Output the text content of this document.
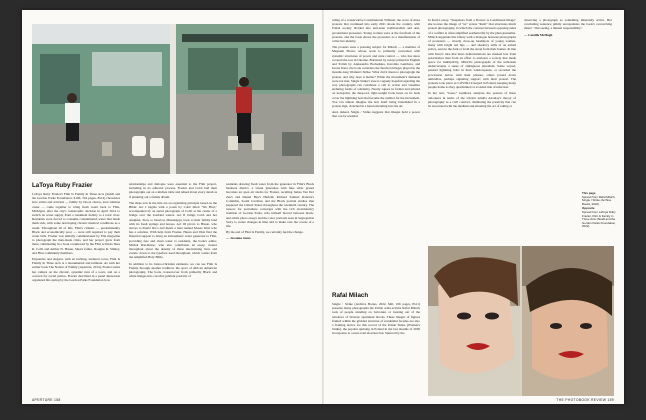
LaToya Ruby Frazier

LaToya Ruby Frazier's Flint Is Family in Three Acts (Steidl and the Gordon Parks Foundation, $100, 324 pages, 8x14) chronicles how artists and activists — family by blood, choice, and common cause — came together to bring fresh water back to Flint, Michigan, after the city's catastrophic decision in April 2014 to switch its water supply from a treatment facility to a toxic river. Residents were forced to consume contaminated water that made them sick, with some developing chronic medical conditions as a result. Throughout all of this, Flint's citizens — predominantly Black and economically poor — were still required to pay their water bills. Frazier was initially commissioned by Elle magazine to photograph the man-made crisis, and her project grew from there, culminating in a book coauthored by the Flint activists Shea R. Cobb and Amber N. Hasan, Shea's father, Douglas R. Smiley, and Flint community members.

Expansive and elegant, with an inviting, textured cover, Flint Is Family in Three Acts is a monumental and intimate. As with her earlier book The Notion of Family (Aperture, 2014), Frazier trains her camera on the chronic, systemic ruin of a town, and on a concern for social justice. Frazier described in a panel discussion organized this spring by the Gordon Parks Foundation how

relationships and dialogue were essential to the Flint project, including in its editorial process. Frazier and Cobb laid their photographs out on a kitchen table and talked about every detail as if planning out a family album.

The three acts in the title are an organizing principle based on the Bible: Act I begins with a poem by Cobb titled "We Flint," accompanied by an aerial photograph of Cobb at the center of a bridge over the troubled waters. Act II brings Cobb and her daughter, Zion, to Newton, Mississippi, back to their family land with its fresh springs and horses. Act III pivots to Hasan, who moves to Puerto Rico and meets a man named Moses West who has a solution. With help from Frazier, Hasan and West find the financial support to bring an atmospheric water generator to Flint, providing free and clean water to residents, the book's editor, Michal Raz-Russo, who also contributes an essay, creates throughout about the density of these intertwining lives and events, down to the typeface used throughout, which comes from the Amplified Holy Bible.

In addition to its Judeo-Christian elements, we can see Flint Is Family through another tradition: the sport of African American photography. The book crossed-over from primarily Black and white images into colorful, jubilant portraits of

residents drawing fresh water from the generator in Flint's Black business district, a visual guarantee with fake rebar grated becomes an open air studio for Frazier, recalling James Van Der Zee's and Daniel Bey's Harlem; Richard Samuel Roberts's Columbia, South Carolina; and the Black portrait studios that peppered the United States throughout the twentieth century. The reason: for portraiture converges with the rich documentary tradition of Gordon Parks, who himself moved between black-and-white photo essays and the color portraits seen in Segregation Story to create changes in time and to make over the course of a life.

By the end of Flint Is Family, we certainly feel the change.

— Jovanna Jones

APERTURE 158

ruling of a conservative Constitutional Tribunal, the wave of mass protests that continued into early 2021 shook the country, with Polish society divided into anti-state traditionalists and anti-government protesters. Young women were at the forefront of the protests, and the book shows the protesters as a manifestation of collective identity.

The protests were a pressing subject for Milach — a member of Magnum Photos whose work is primarily concerned with systemic structures of power and state control — who has since covered the war in Ukraine. Bolstered by essays printed in English and Polish by Aleksandra Bocheńska, Karolina Gembara, and Iwona Kurz, the book considers the function images played in the months-long Women's Strike. What did it mean to photograph the protest, and why does it matter? While the movement's demands were not met, Single Strike's tone is vaguely hopeful regarding the way photographs can constitute a call to action and visualize enduring forms of solidarity. Nearly square in format and printed on newsprint, the deep-red, light-weight book bears on its back cover the lightning bolt that became the symbol for the movement. You can almost imagine the bolt itself being brandished in a protest sign, clenched in a hand extending into the air.

And, indeed, Single / Strike suggests that images hold a power that can be wielded.

In Kurz's essay, "Snapshots from a Protest: A Conditional Image" she locates the image of "us" versus "them" that structures much protest photography, in which the contrast between opposing sides of a conflict is often amplified aesthetically by the photojournalist. Milach supplants this binary with a dialogue between photographs of protesters — mostly close-up headshots of young women, many with bright red lips — and shadowy stills of an armed police, seen in the dark or from the street from their homes. In line with Kurz's idea that mass demonstrations are marked less from polarization than from an effort to envision a society that made space for multiplicity, Milach's photographs of the unbroken undercurrents a sense of ambiguous pluralism. Some waved, painted lightning bolts in their windowpanes, or recorded the procession below with their phones; others posted down umbrellas, perhaps signaling support with their protest. The protests took place as COVID-19 surged in Poland, keeping many people home as they quarantined or avoided risk of infection.

In her text, "Gaze," Gembara analyzes the posture of these onlookers in terms of the scholar Ariella Azoulay's theory of photography as a civil contract, dismissing the passivity that can be associated with the medium and situating the act of taking or

observing a photograph as something inherently active. Her concluding sentence pithily encapsulates the book's overarching thrust: "Our seeing, a mutual responsibility."

— Camille McHugh

This page
Spread from Rafal Milach, Single / Strike (Archive Books, 2022)
Opposite
Spread from LaToya Ruby Frazier, Flint Is Family in Three Acts (Steidl and the Gordon Parks Foundation, 2022)
Rafal Milach

Single / Strike (Archive Books, 2022, $40, 196 pages, 8x11) presents many photographs the Polish artist-activist Rafal Milach took of people standing on balconies or looking out of the windows of Warsaw apartment blocks. These images of figures framed within the gridded structure of residential facades are also a framing device for this record of the Polish Strike (Women's Strike), the popular uprising in Poland in the last months of 2020 in response to a near-total abortion ban. Spurred by the

THE PHOTOBOOK REVIEW 159
